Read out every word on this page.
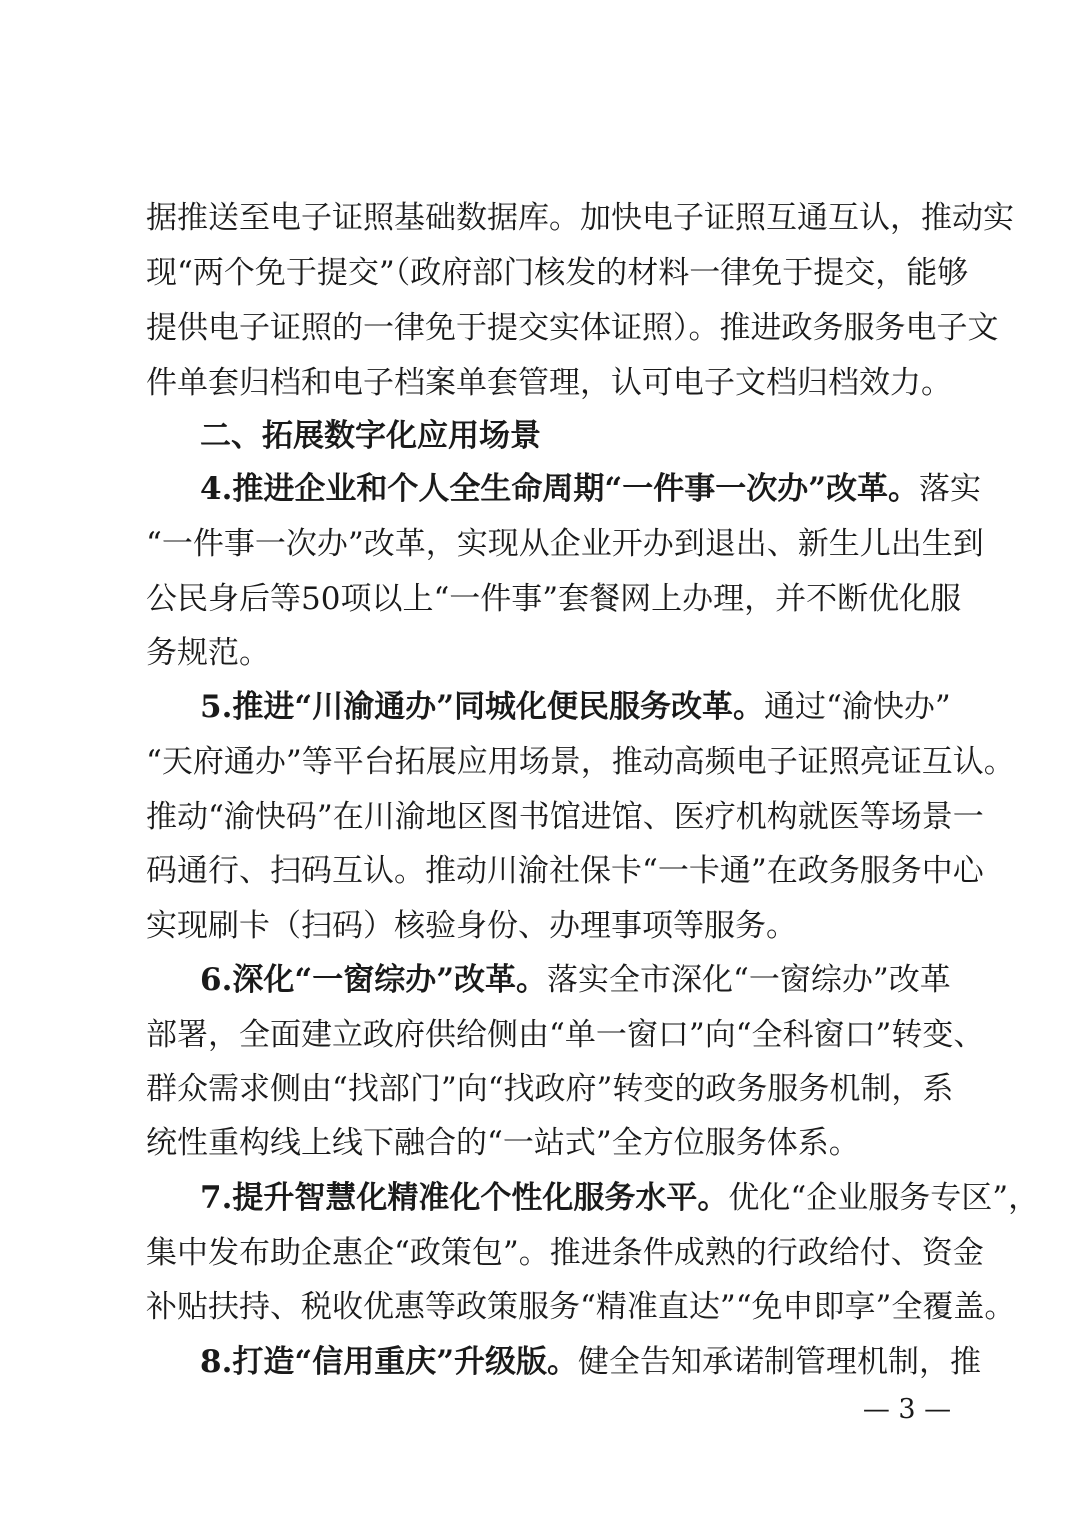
据推送至电子证照基础数据库。加快电子证照互通互认，推动实
现“两个免于提交”（政府部门核发的材料一律免于提交，能够
提供电子证照的一律免于提交实体证照）。推进政务服务电子文
件单套归档和电子档案单套管理，认可电子文档归档效力。
二、拓展数字化应用场景
4.推进企业和个人全生命周期“一件事一次办”改革。落实
“一件事一次办”改革，实现从企业开办到退出、新生儿出生到
公民身后等50项以上“一件事”套餐网上办理，并不断优化服
务规范。
5.推进“川渝通办”同城化便民服务改革。通过“渝快办”
“天府通办”等平台拓展应用场景，推动高频电子证照亮证互认。
推动“渝快码”在川渝地区图书馆进馆、医疗机构就医等场景一
码通行、扫码互认。推动川渝社保卡“一卡通”在政务服务中心
实现刷卡（扫码）核验身份、办理事项等服务。
6.深化“一窗综办”改革。落实全市深化“一窗综办”改革
部署，全面建立政府供给侧由“单一窗口”向“全科窗口”转变、
群众需求侧由“找部门”向“找政府”转变的政务服务机制，系
统性重构线上线下融合的“一站式”全方位服务体系。
7.提升智慧化精准化个性化服务水平。优化“企业服务专区”，
集中发布助企惠企“政策包”。推进条件成熟的行政给付、资金
补贴扶持、税收优惠等政策服务“精准直达”“免申即享”全覆盖。
8.打造“信用重庆”升级版。健全告知承诺制管理机制，推
— 3 —
